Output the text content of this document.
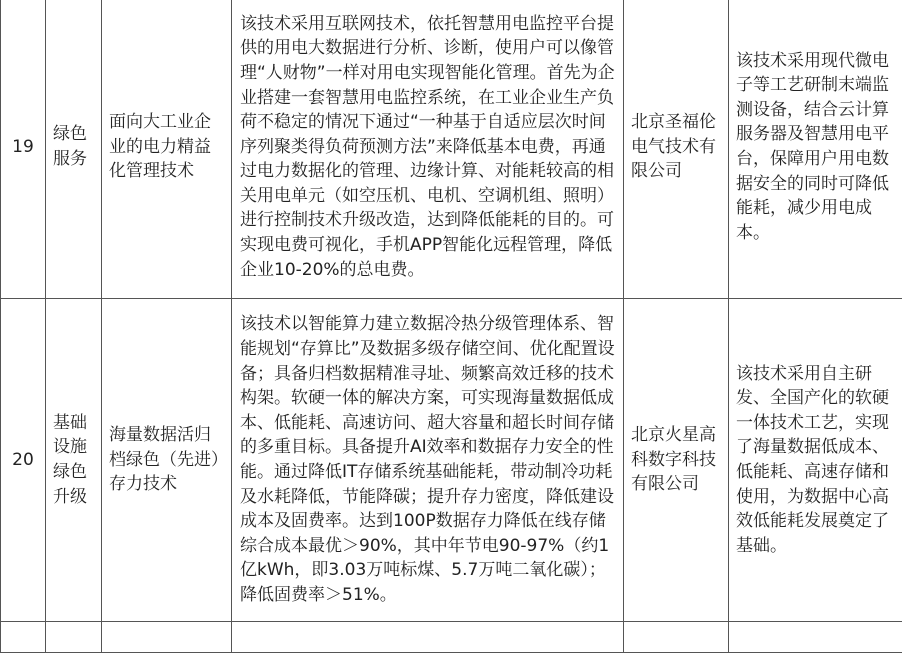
19	绿色服务	面向大工业企业的电力精益化管理技术	该技术采用互联网技术，依托智慧用电监控平台提供的用电大数据进行分析、诊断，使用户可以像管理“人财物”一样对用电实现智能化管理。首先为企业搭建一套智慧用电监控系统，在工业企业生产负荷不稳定的情况下通过“一种基于自适应层次时间序列聚类得负荷预测方法”来降低基本电费，再通过电力数据化的管理、边缘计算、对能耗较高的相关用电单元（如空压机、电机、空调机组、照明）进行控制技术升级改造，达到降低能耗的目的。可实现电费可视化，手机APP智能化远程管理，降低企业10-20%的总电费。	北京圣福伦电气技术有限公司	该技术采用现代微电子等工艺研制末端监测设备，结合云计算服务器及智慧用电平台，保障用户用电数据安全的同时可降低能耗，减少用电成本。
20	基础设施绿色升级	海量数据活归档绿色（先进）存力技术	该技术以智能算力建立数据冷热分级管理体系、智能规划“存算比”及数据多级存储空间、优化配置设备；具备归档数据精准寻址、频繁高效迁移的技术构架。软硬一体的解决方案，可实现海量数据低成本、低能耗、高速访问、超大容量和超长时间存储的多重目标。具备提升AI效率和数据存力安全的性能。通过降低IT存储系统基础能耗，带动制冷功耗及水耗降低，节能降碳；提升存力密度，降低建设成本及固费率。达到100P数据存力降低在线存储综合成本最优＞90%，其中年节电90-97%（约1亿kWh，即3.03万吨标煤、5.7万吨二氧化碳）；降低固费率＞51%。	北京火星高科数字科技有限公司	该技术采用自主研发、全国产化的软硬一体技术工艺，实现了海量数据低成本、低能耗、高速存储和使用，为数据中心高效低能耗发展奠定了基础。
